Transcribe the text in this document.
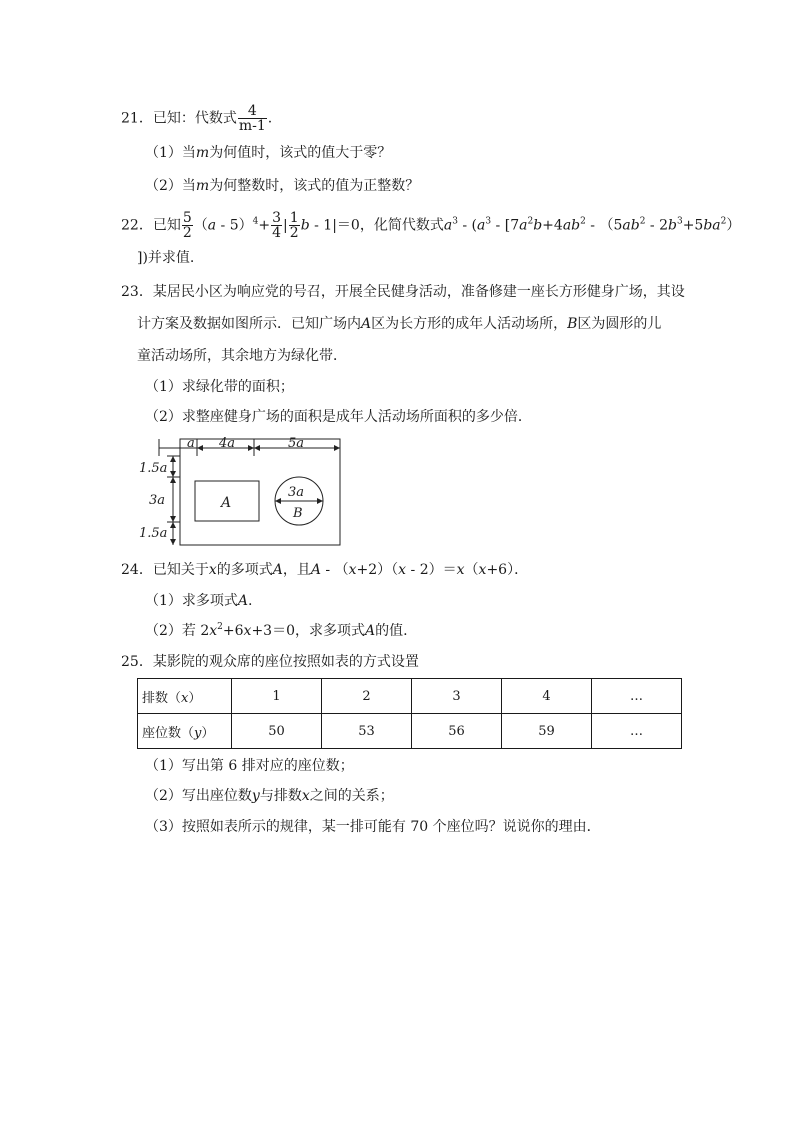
21．已知：代数式 $\frac{4}{m-1}$ .
（1）当m为何值时，该式的值大于零？
（2）当m为何整数时，该式的值为正整数？
22．已知 $\frac{5}{2} (a - 5)^4+ \frac{3}{4}$ | $\frac{1}{2}$ b - 1|＝0，化简代数式$a^3 - (a^3 - [7a^2b+4ab^2 - (5ab^2 - 2b^3+5ba^2)$
])并求值.
23．某居民小区为响应党的号召，开展全民健身活动，准备修建一座长方形健身广场，其设
计方案及数据如图所示．已知广场内A区为长方形的成年人活动场所，B区为圆形的儿
童活动场所，其余地方为绿化带．
（1）求绿化带的面积；
（2）求整座健身广场的面积是成年人活动场所面积的多少倍．
a 4a	5a
1.5a
3a
1.5a
A
3a
B
24．已知关于x的多项式A，且A - （x+2）（x - 2）＝x（x+6）．
（1）求多项式A.
（2）若 $2x^2+6x+3=0$，求多项式A的值.
25．某影院的观众席的座位按照如表的方式设置
排数（x）	1	2	3	4	…
座位数（y）	50	53	56	59	…
（1）写出第 6 排对应的座位数；
（2）写出座位数y与排数x之间的关系；
（3）按照如表所示的规律，某一排可能有 70 个座位吗？说说你的理由．
